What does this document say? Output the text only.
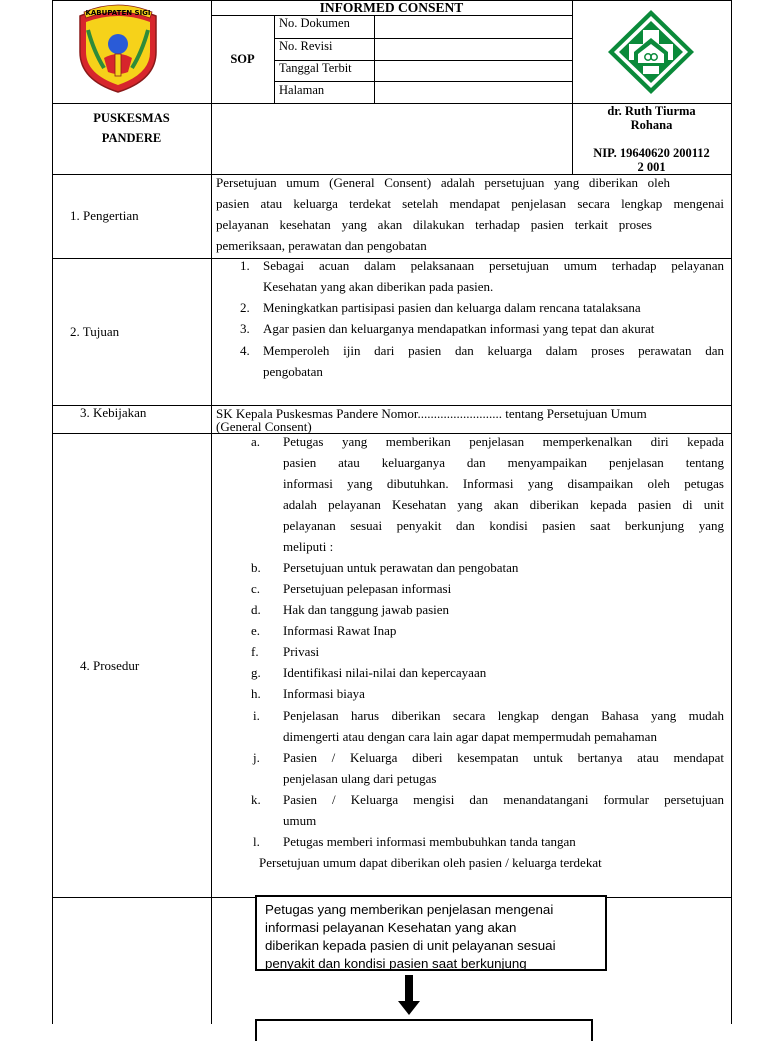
KABUPATEN SIGI	INFORMED CONSENT
SOP
No. Dokumen
No. Revisi
Tanggal Terbit
Halaman
PUSKESMAS
PANDERE
dr. Ruth Tiurma
Rohana
NIP. 19640620 200112
2 001
1. Pengertian
Persetujuan umum (General Consent) adalah persetujuan yang diberikan oleh
pasien atau keluarga terdekat setelah mendapat penjelasan secara lengkap mengenai
pelayanan kesehatan yang akan dilakukan terhadap pasien terkait proses
pemeriksaan, perawatan dan pengobatan
2. Tujuan
1. Sebagai acuan dalam pelaksanaan persetujuan umum terhadap pelayanan
Kesehatan yang akan diberikan pada pasien.
2. Meningkatkan partisipasi pasien dan keluarga dalam rencana tatalaksana
3. Agar pasien dan keluarganya mendapatkan informasi yang tepat dan akurat
4. Memperoleh ijin dari pasien dan keluarga dalam proses perawatan dan
pengobatan
3. Kebijakan	SK Kepala Puskesmas Pandere Nomor.......................... tentang Persetujuan Umum
(General Consent)
4. Prosedur
a. Petugas yang memberikan penjelasan memperkenalkan diri kepada
pasien atau keluarganya dan menyampaikan penjelasan tentang
informasi yang dibutuhkan. Informasi yang disampaikan oleh petugas
adalah pelayanan Kesehatan yang akan diberikan kepada pasien di unit
pelayanan sesuai penyakit dan kondisi pasien saat berkunjung yang
meliputi :
b. Persetujuan untuk perawatan dan pengobatan
c. Persetujuan pelepasan informasi
d. Hak dan tanggung jawab pasien
e. Informasi Rawat Inap
f. Privasi
g. Identifikasi nilai-nilai dan kepercayaan
h. Informasi biaya
i. Penjelasan harus diberikan secara lengkap dengan Bahasa yang mudah
dimengerti atau dengan cara lain agar dapat mempermudah pemahaman
j. Pasien / Keluarga diberi kesempatan untuk bertanya atau mendapat
penjelasan ulang dari petugas
k. Pasien / Keluarga mengisi dan menandatangani formular persetujuan
umum
l. Petugas memberi informasi membubuhkan tanda tangan
Persetujuan umum dapat diberikan oleh pasien / keluarga terdekat
Petugas yang memberikan penjelasan mengenai
informasi pelayanan Kesehatan yang akan
diberikan kepada pasien di unit pelayanan sesuai
penyakit dan kondisi pasien saat berkunjung
